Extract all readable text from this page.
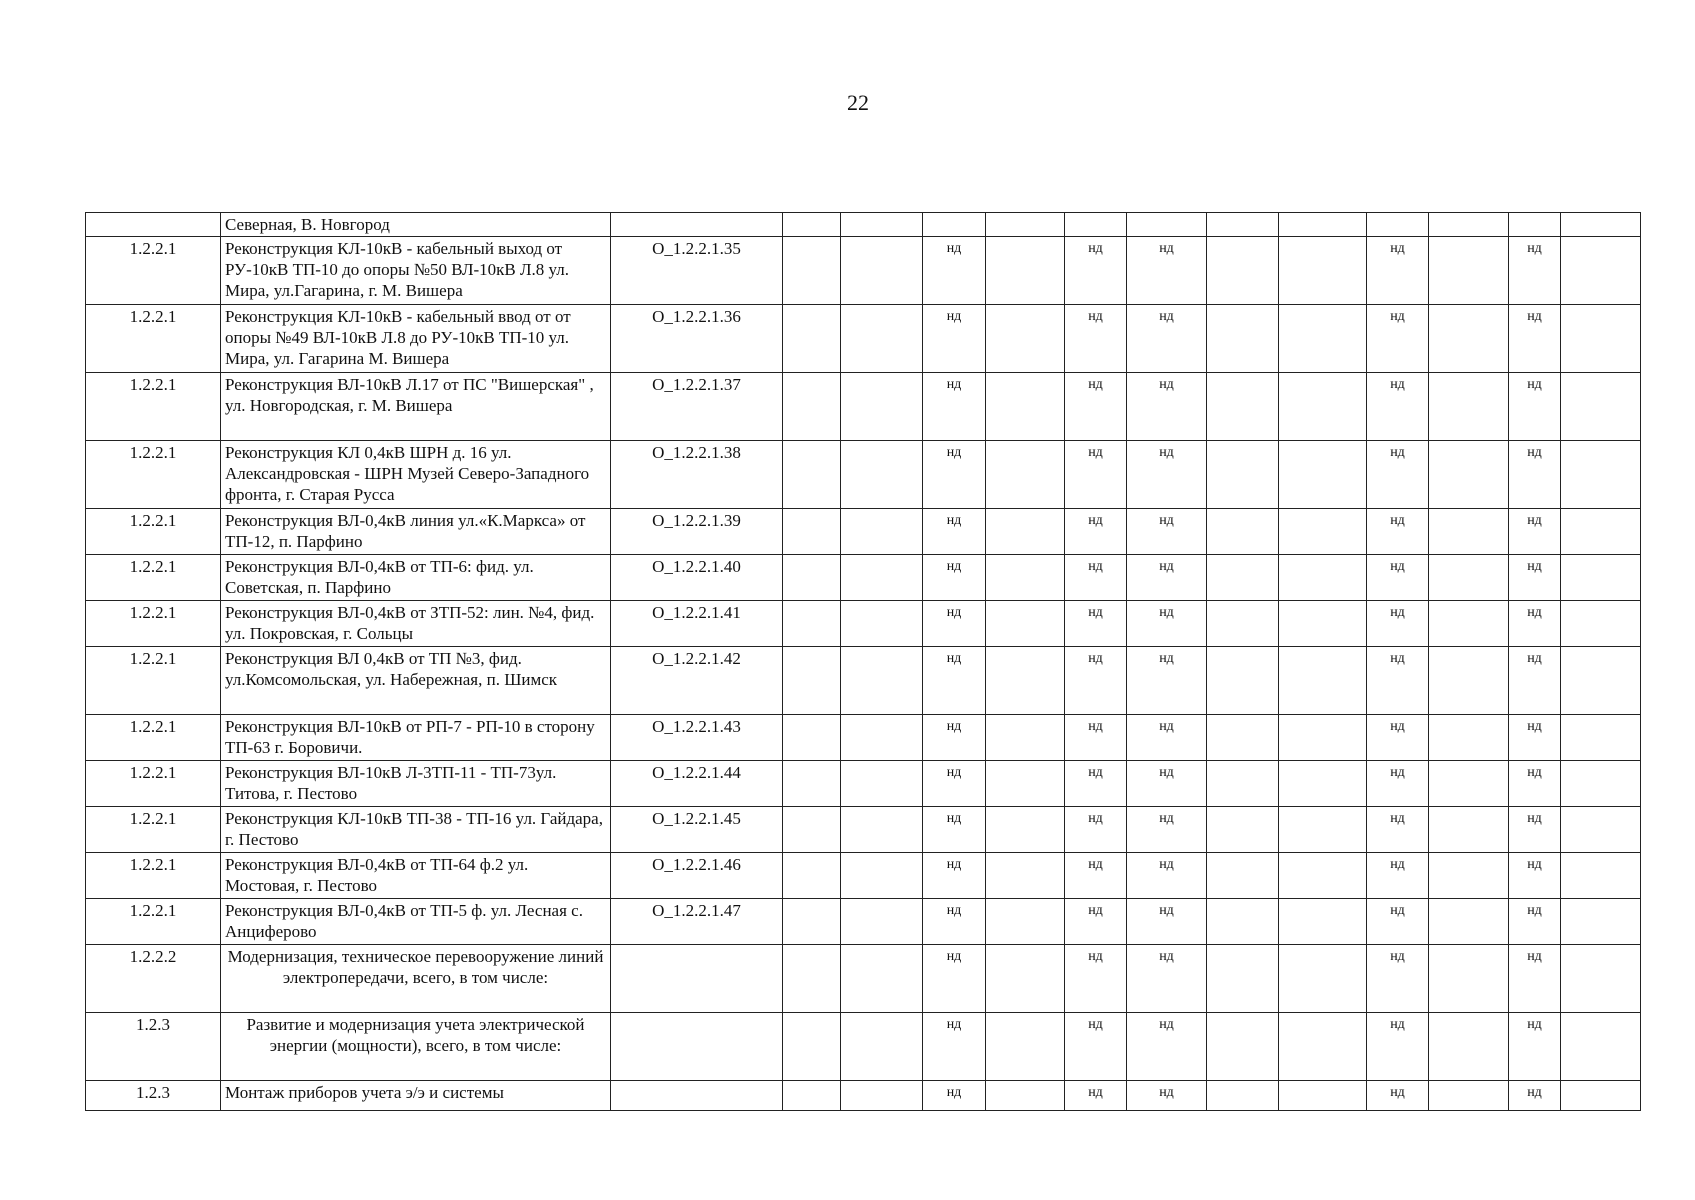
22
	Северная, В. Новгород													
1.2.2.1	Реконструкция КЛ-10кВ - кабельный выход от РУ-10кВ ТП-10 до опоры №50 ВЛ-10кВ Л.8 ул. Мира, ул.Гагарина, г. М. Вишера	О_1.2.2.1.35			нд		нд	нд			нд		нд	
1.2.2.1	Реконструкция КЛ-10кВ - кабельный ввод от от опоры №49 ВЛ-10кВ Л.8 до РУ-10кВ ТП-10 ул. Мира, ул. Гагарина М. Вишера	О_1.2.2.1.36			нд		нд	нд			нд		нд	
1.2.2.1	Реконструкция ВЛ-10кВ Л.17 от ПС "Вишерская" , ул. Новгородская, г. М. Вишера	О_1.2.2.1.37			нд		нд	нд			нд		нд	
1.2.2.1	Реконструкция КЛ 0,4кВ ШРН д. 16 ул. Александровская - ШРН Музей Северо-Западного фронта, г. Старая Русса	О_1.2.2.1.38			нд		нд	нд			нд		нд	
1.2.2.1	Реконструкция ВЛ-0,4кВ линия ул.«К.Маркса» от ТП-12, п. Парфино	О_1.2.2.1.39			нд		нд	нд			нд		нд	
1.2.2.1	Реконструкция ВЛ-0,4кВ от ТП-6: фид. ул. Советская, п. Парфино	О_1.2.2.1.40			нд		нд	нд			нд		нд	
1.2.2.1	Реконструкция ВЛ-0,4кВ от ЗТП-52: лин. №4, фид. ул. Покровская, г. Сольцы	О_1.2.2.1.41			нд		нд	нд			нд		нд	
1.2.2.1	Реконструкция ВЛ 0,4кВ от ТП №3, фид. ул.Комсомольская, ул. Набережная, п. Шимск	О_1.2.2.1.42			нд		нд	нд			нд		нд	
1.2.2.1	Реконструкция ВЛ-10кВ от РП-7 - РП-10 в сторону ТП-63 г. Боровичи.	О_1.2.2.1.43			нд		нд	нд			нд		нд	
1.2.2.1	Реконструкция ВЛ-10кВ Л-3ТП-11 - ТП-73ул. Титова, г. Пестово	О_1.2.2.1.44			нд		нд	нд			нд		нд	
1.2.2.1	Реконструкция КЛ-10кВ ТП-38 - ТП-16 ул. Гайдара, г. Пестово	О_1.2.2.1.45			нд		нд	нд			нд		нд	
1.2.2.1	Реконструкция ВЛ-0,4кВ от ТП-64 ф.2 ул. Мостовая, г. Пестово	О_1.2.2.1.46			нд		нд	нд			нд		нд	
1.2.2.1	Реконструкция ВЛ-0,4кВ от ТП-5 ф. ул. Лесная с. Анциферово	О_1.2.2.1.47			нд		нд	нд			нд		нд	
1.2.2.2	Модернизация, техническое перевооружение линий электропередачи, всего, в том числе:				нд		нд	нд			нд		нд	
1.2.3	Развитие и модернизация учета электрической энергии (мощности), всего, в том числе:				нд		нд	нд			нд		нд	
1.2.3	Монтаж приборов учета э/э и системы				нд		нд	нд			нд		нд	
